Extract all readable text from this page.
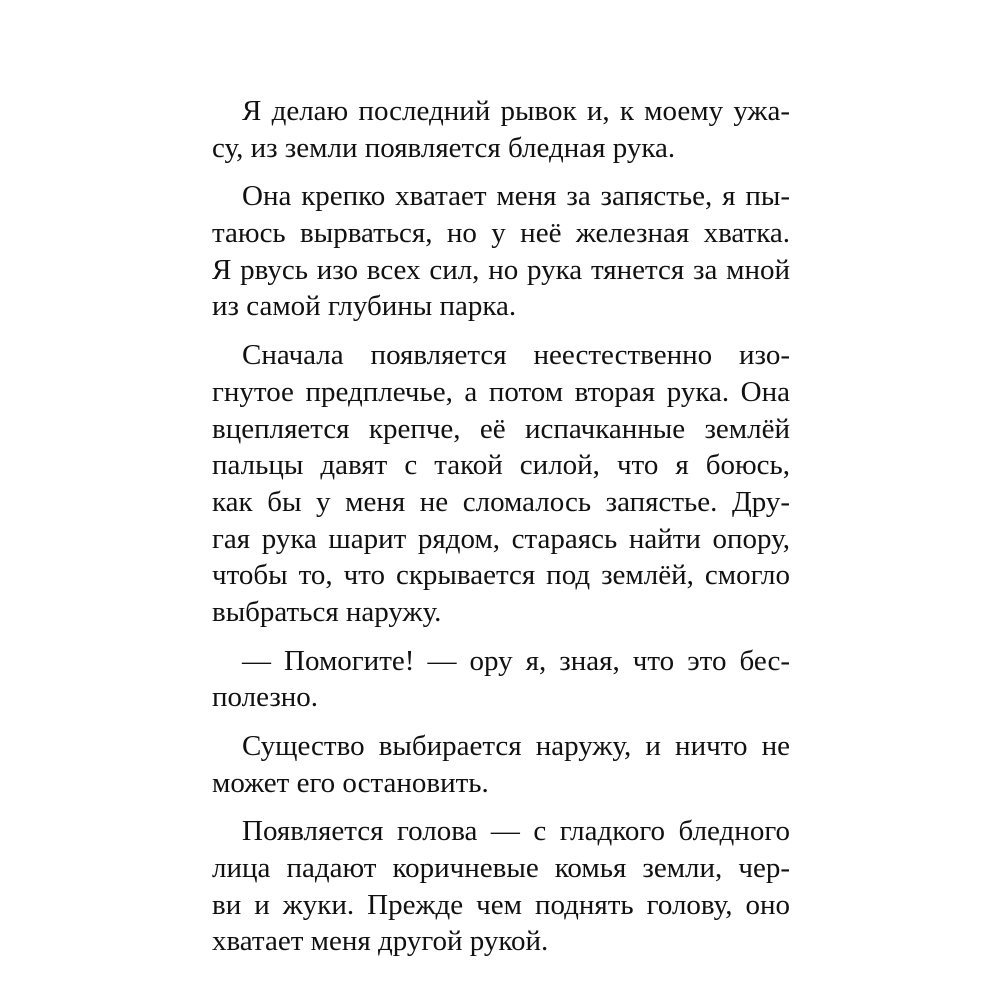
Я делаю последний рывок и, к моему ужа-
су, из земли появляется бледная рука.

Она крепко хватает меня за запястье, я пы-
таюсь вырваться, но у неё железная хватка.
Я рвусь изо всех сил, но рука тянется за мной
из самой глубины парка.

Сначала появляется неестественно изо-
гнутое предплечье, а потом вторая рука. Она
вцепляется крепче, её испачканные землёй
пальцы давят с такой силой, что я боюсь,
как бы у меня не сломалось запястье. Дру-
гая рука шарит рядом, стараясь найти опору,
чтобы то, что скрывается под землёй, смогло
выбраться наружу.

— Помогите! — ору я, зная, что это бес-
полезно.

Существо выбирается наружу, и ничто не
может его остановить.

Появляется голова — с гладкого бледного
лица падают коричневые комья земли, чер-
ви и жуки. Прежде чем поднять голову, оно
хватает меня другой рукой.
